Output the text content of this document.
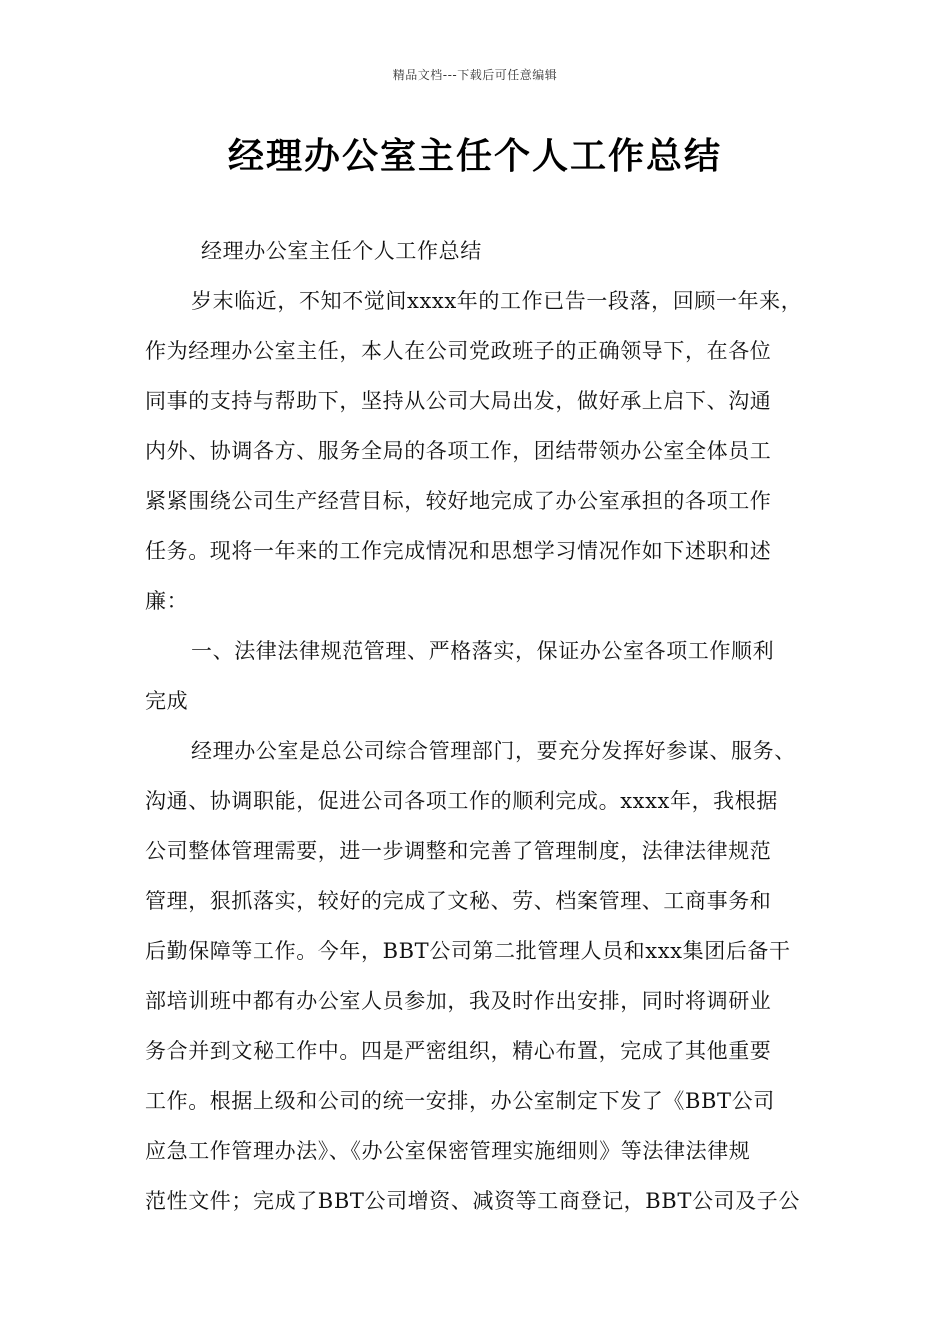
精品文档---下载后可任意编辑
经理办公室主任个人工作总结
经理办公室主任个人工作总结
岁末临近，不知不觉间xxxx年的工作已告一段落，回顾一年来，
作为经理办公室主任，本人在公司党政班子的正确领导下，在各位
同事的支持与帮助下，坚持从公司大局出发，做好承上启下、沟通
内外、协调各方、服务全局的各项工作，团结带领办公室全体员工
紧紧围绕公司生产经营目标，较好地完成了办公室承担的各项工作
任务。现将一年来的工作完成情况和思想学习情况作如下述职和述
廉：
一、法律法律规范管理、严格落实，保证办公室各项工作顺利
完成
经理办公室是总公司综合管理部门，要充分发挥好参谋、服务、
沟通、协调职能，促进公司各项工作的顺利完成。xxxx年，我根据
公司整体管理需要，进一步调整和完善了管理制度，法律法律规范
管理，狠抓落实，较好的完成了文秘、劳、档案管理、工商事务和
后勤保障等工作。今年，BBT公司第二批管理人员和xxx集团后备干
部培训班中都有办公室人员参加，我及时作出安排，同时将调研业
务合并到文秘工作中。四是严密组织，精心布置，完成了其他重要
工作。根据上级和公司的统一安排，办公室制定下发了《BBT公司
应急工作管理办法》、《办公室保密管理实施细则》等法律法律规
范性文件；完成了BBT公司增资、减资等工商登记，BBT公司及子公
